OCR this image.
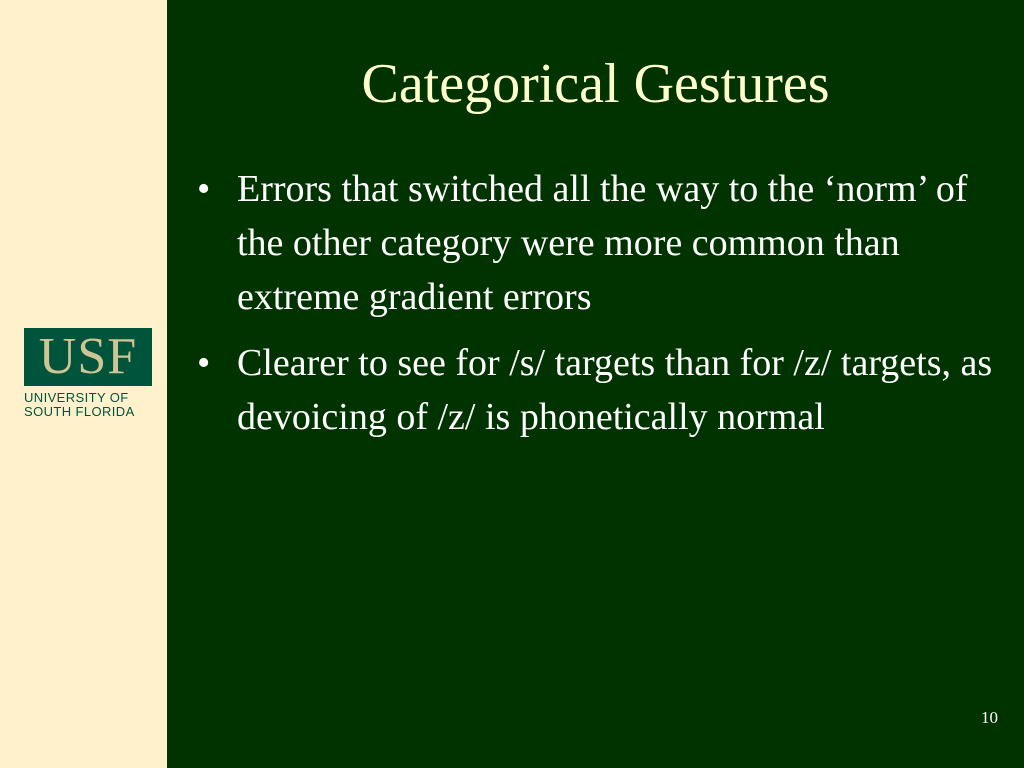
USF
UNIVERSITY OF
SOUTH FLORIDA
Categorical Gestures
• Errors that switched all the way to the ‘norm’ of the other category were more common than extreme gradient errors
• Clearer to see for /s/ targets than for /z/ targets, as devoicing of /z/ is phonetically normal
10
